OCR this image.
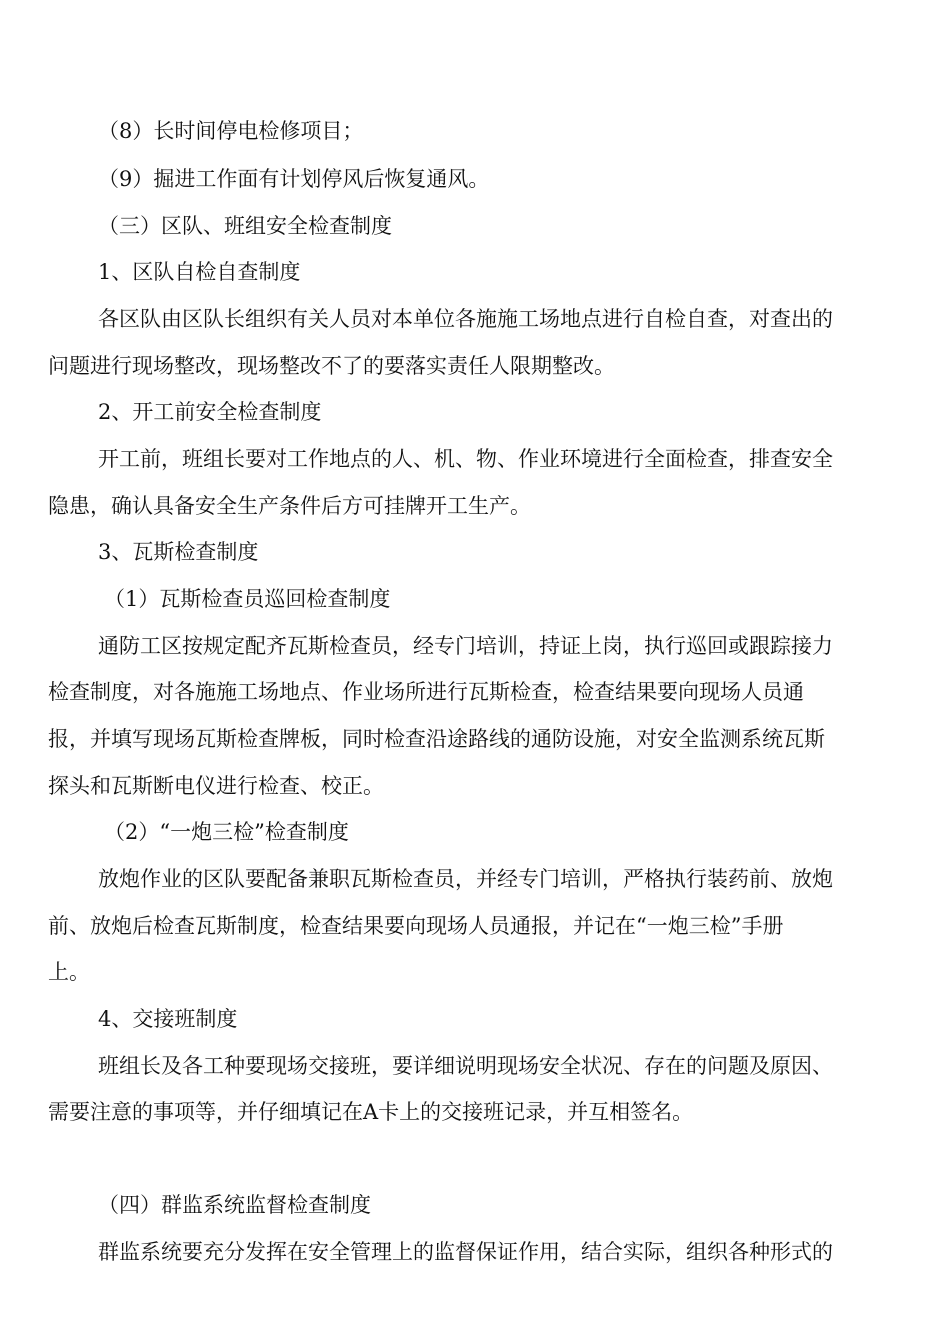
（8）长时间停电检修项目；
（9）掘进工作面有计划停风后恢复通风。
（三）区队、班组安全检查制度
1、区队自检自查制度
各区队由区队长组织有关人员对本单位各施施工场地点进行自检自查，对查出的
问题进行现场整改，现场整改不了的要落实责任人限期整改。
2、开工前安全检查制度
开工前，班组长要对工作地点的人、机、物、作业环境进行全面检查，排查安全
隐患，确认具备安全生产条件后方可挂牌开工生产。
3、瓦斯检查制度
（1）瓦斯检查员巡回检查制度
通防工区按规定配齐瓦斯检查员，经专门培训，持证上岗，执行巡回或跟踪接力
检查制度，对各施施工场地点、作业场所进行瓦斯检查，检查结果要向现场人员通
报，并填写现场瓦斯检查牌板，同时检查沿途路线的通防设施，对安全监测系统瓦斯
探头和瓦斯断电仪进行检查、校正。
（2）“一炮三检”检查制度
放炮作业的区队要配备兼职瓦斯检查员，并经专门培训，严格执行装药前、放炮
前、放炮后检查瓦斯制度，检查结果要向现场人员通报，并记在“一炮三检”手册
上。
4、交接班制度
班组长及各工种要现场交接班，要详细说明现场安全状况、存在的问题及原因、
需要注意的事项等，并仔细填记在A卡上的交接班记录，并互相签名。
（四）群监系统监督检查制度
群监系统要充分发挥在安全管理上的监督保证作用，结合实际，组织各种形式的
